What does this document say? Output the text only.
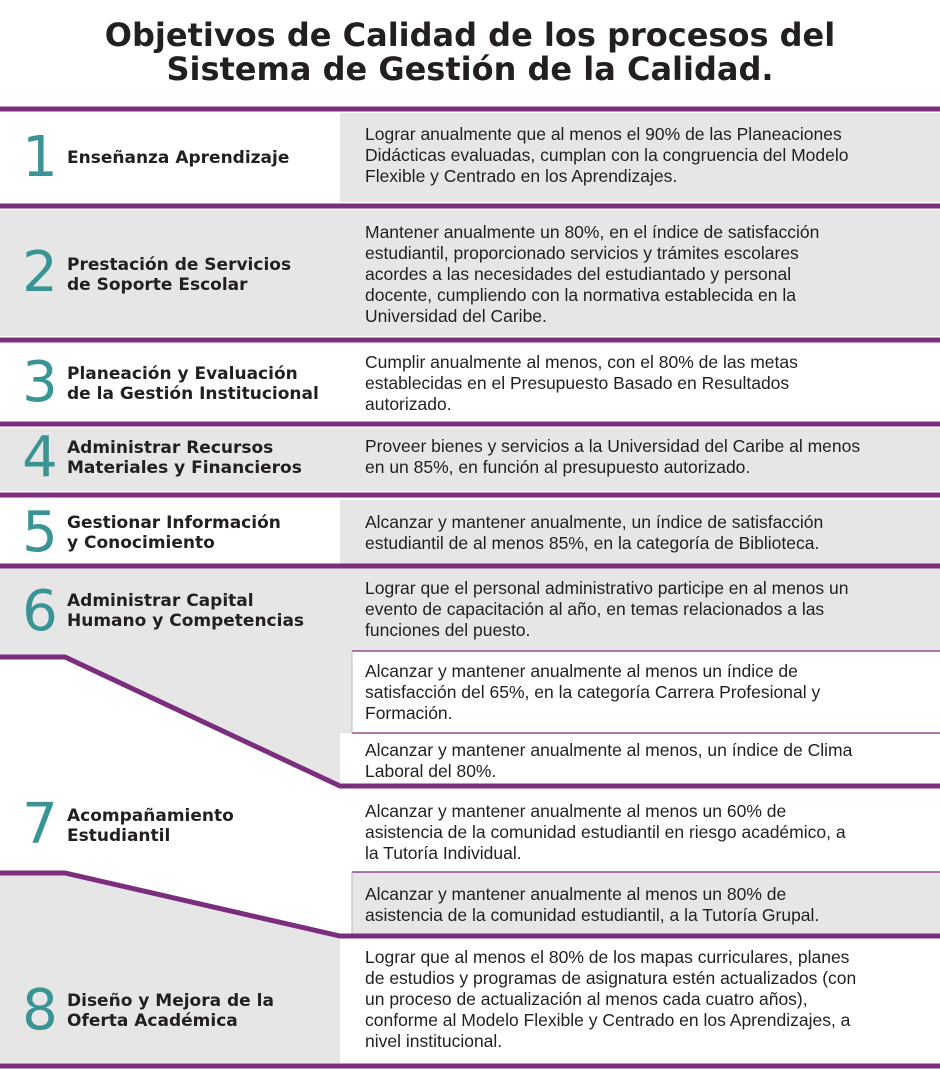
Objetivos de Calidad de los procesos del
Sistema de Gestión de la Calidad.
1 Enseñanza Aprendizaje
Lograr anualmente que al menos el 90% de las Planeaciones
Didácticas evaluadas, cumplan con la congruencia del Modelo
Flexible y Centrado en los Aprendizajes.
2 Prestación de Servicios
de Soporte Escolar
Mantener anualmente un 80%, en el índice de satisfacción
estudiantil, proporcionado servicios y trámites escolares
acordes a las necesidades del estudiantado y personal
docente, cumpliendo con la normativa establecida en la
Universidad del Caribe.
3 Planeación y Evaluación
de la Gestión Institucional
Cumplir anualmente al menos, con el 80% de las metas
establecidas en el Presupuesto Basado en Resultados
autorizado.
4 Administrar Recursos
Materiales y Financieros
Proveer bienes y servicios a la Universidad del Caribe al menos
en un 85%, en función al presupuesto autorizado.
5 Gestionar Información
y Conocimiento
Alcanzar y mantener anualmente, un índice de satisfacción
estudiantil de al menos 85%, en la categoría de Biblioteca.
6 Administrar Capital
Humano y Competencias
Lograr que el personal administrativo participe en al menos un
evento de capacitación al año, en temas relacionados a las
funciones del puesto.
Alcanzar y mantener anualmente al menos un índice de
satisfacción del 65%, en la categoría Carrera Profesional y
Formación.
Alcanzar y mantener anualmente al menos, un índice de Clima
Laboral del 80%.
7 Acompañamiento
Estudiantil
Alcanzar y mantener anualmente al menos un 60% de
asistencia de la comunidad estudiantil en riesgo académico, a
la Tutoría Individual.
Alcanzar y mantener anualmente al menos un 80% de
asistencia de la comunidad estudiantil, a la Tutoría Grupal.
8 Diseño y Mejora de la
Oferta Académica
Lograr que al menos el 80% de los mapas curriculares, planes
de estudios y programas de asignatura estén actualizados (con
un proceso de actualización al menos cada cuatro años),
conforme al Modelo Flexible y Centrado en los Aprendizajes, a
nivel institucional.
